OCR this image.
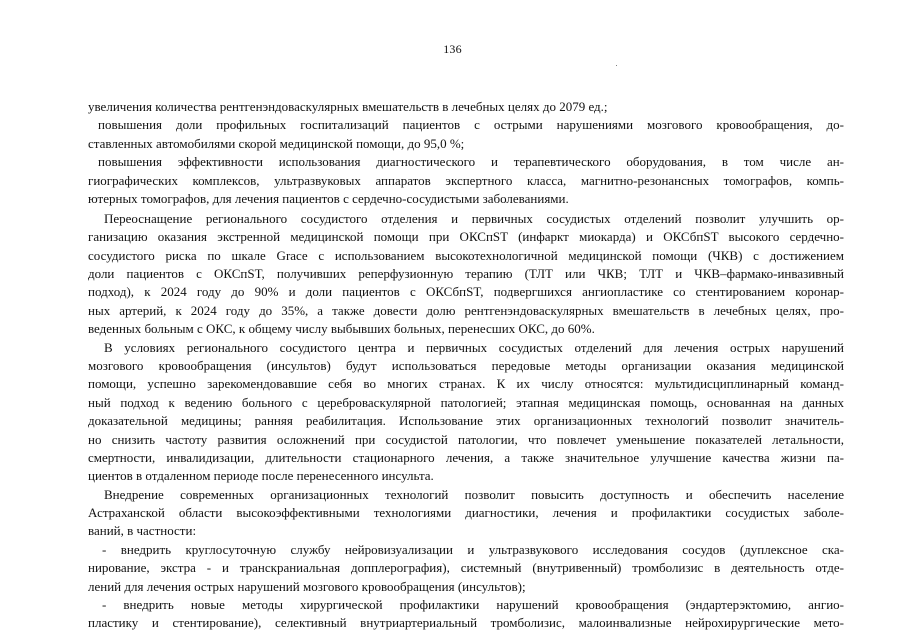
136
увеличения количества рентгенэндоваскулярных вмешательств в лечебных целях до 2079 ед.;
повышения доли профильных госпитализаций пациентов с острыми нарушениями мозгового кровообращения, до-
ставленных автомобилями скорой медицинской помощи, до 95,0 %;
повышения эффективности использования диагностического и терапевтического оборудования, в том числе ан-
гиографических комплексов, ультразвуковых аппаратов экспертного класса, магнитно-резонансных томографов, компь-
ютерных томографов, для лечения пациентов с сердечно-сосудистыми заболеваниями.
Переоснащение регионального сосудистого отделения и первичных сосудистых отделений позволит улучшить ор-
ганизацию оказания экстренной медицинской помощи при ОКСпST (инфаркт миокарда) и ОКСбпST высокого сердечно-
сосудистого риска по шкале Grace с использованием высокотехнологичной медицинской помощи (ЧКВ) с достижением
доли пациентов с ОКСпST, получивших реперфузионную терапию (ТЛТ или ЧКВ; ТЛТ и ЧКВ–фармако-инвазивный
подход), к 2024 году до 90% и доли пациентов с ОКСбпST, подвергшихся ангиопластике со стентированием коронар-
ных артерий, к 2024 году до 35%, а также довести долю рентгенэндоваскулярных вмешательств в лечебных целях, про-
веденных больным с ОКС, к общему числу выбывших больных, перенесших ОКС, до 60%.
В условиях регионального сосудистого центра и первичных сосудистых отделений для лечения острых нарушений
мозгового кровообращения (инсультов) будут использоваться передовые методы организации оказания медицинской
помощи, успешно зарекомендовавшие себя во многих странах. К их числу относятся: мультидисциплинарный команд-
ный подход к ведению больного с цереброваскулярной патологией; этапная медицинская помощь, основанная на данных
доказательной медицины; ранняя реабилитация. Использование этих организационных технологий позволит значитель-
но снизить частоту развития осложнений при сосудистой патологии, что повлечет уменьшение показателей летальности,
смертности, инвалидизации, длительности стационарного лечения, а также значительное улучшение качества жизни па-
циентов в отдаленном периоде после перенесенного инсульта.
Внедрение современных организационных технологий позволит повысить доступность и обеспечить население
Астраханской области высокоэффективными технологиями диагностики, лечения и профилактики сосудистых заболе-
ваний, в частности:
- внедрить круглосуточную службу нейровизуализации и ультразвукового исследования сосудов (дуплексное ска-
нирование, экстра - и транскраниальная допплерография), системный (внутривенный) тромболизис в деятельность отде-
лений для лечения острых нарушений мозгового кровообращения (инсультов);
- внедрить новые методы хирургической профилактики нарушений кровообращения (эндартерэктомию, ангио-
пластику и стентирование), селективный внутриартериальный тромболизис, малоинвализные нейрохирургические мето-
